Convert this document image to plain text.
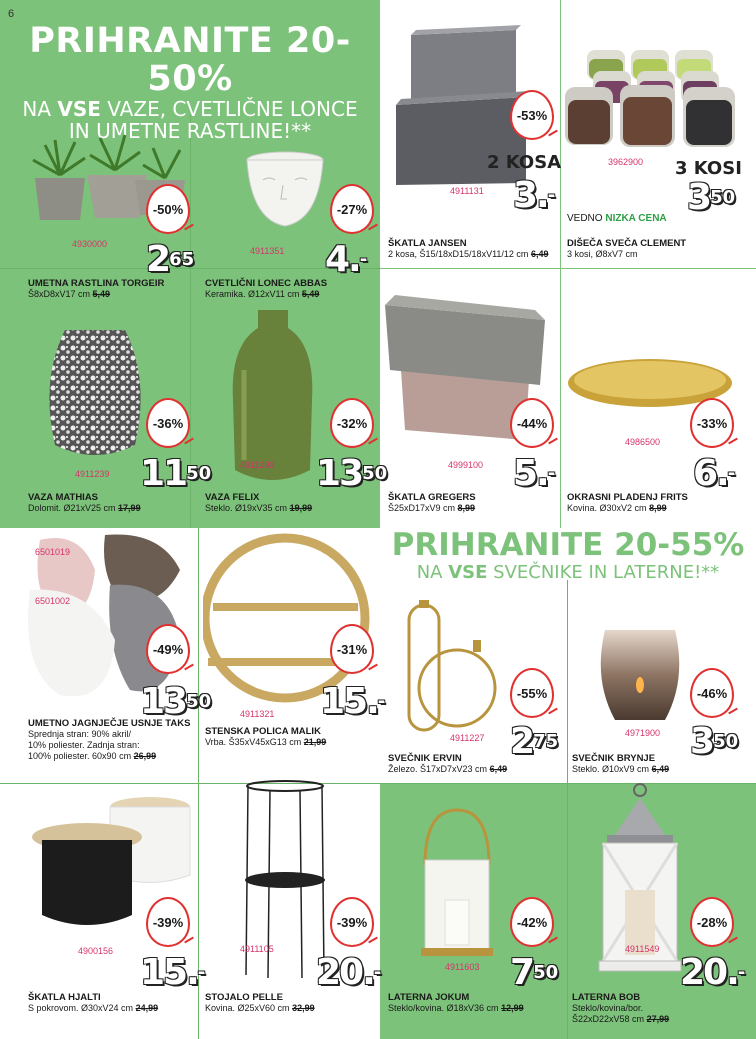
6
PRIHRANITE 20-50%
NA VSE VAZE, CVETLIČNE LONCE
IN UMETNE RASTLINE!**
PRIHRANITE 20-55%
NA VSE SVEČNIKE IN LATERNE!**
-50%
4930000 $2^{65}$
UMETNA RASTLINA TORGEIR
Š8xD8xV17 cm 5,49
-27%
4911351 4.-
CVETLIČNI LONEC ABBAS
Keramika. Ø12xV11 cm 5,49
-53%
2 KOSA
4911131 3.-
ŠKATLA JANSEN
2 kosa, Š15/18xD15/18xV11/12 cm 6,49
3962900 3 KOSI
$3^{50}$
VEDNO NIZKA CENA
DIŠEČA SVEČA CLEMENT
3 kosi, Ø8xV7 cm
-36%
4911239 $11^{50}$
VAZA MATHIAS
Dolomit. Ø21xV25 cm 17,99
-32%
4911293 $13^{50}$
VAZA FELIX
Steklo. Ø19xV35 cm 19,99
-44%
4999100 5.-
ŠKATLA GREGERS
Š25xD17xV9 cm 8,99
-33%
4986500
6.-
OKRASNI PLADENJ FRITS
Kovina. Ø30xV2 cm 8,99
6501019
6501002
-49%
$13^{50}$
UMETNO JAGNJEČJE USNJE TAKS
Sprednja stran: 90% akril/
10% poliester. Zadnja stran:
100% poliester. 60x90 cm 26,99
-31%
4911321 15.-
STENSKA POLICA MALIK
Vrba. Š35xV45xG13 cm 21,99
-55%
4911227 $2^{75}$
SVEČNIK ERVIN
Železo. Š17xD7xV23 cm 6,49
-46%
4971900 $3^{50}$
SVEČNIK BRYNJE
Steklo. Ø10xV9 cm 6,49
-39%
4900156
15.-
ŠKATLA HJALTI
S pokrovom. Ø30xV24 cm 24,99
-39%
4911105
20.-
STOJALO PELLE
Kovina. Ø25xV60 cm 32,99
-42%
4911603 $7^{50}$
LATERNA JOKUM
Steklo/kovina. Ø18xV36 cm 12,99
-28%
4911549
20.-
LATERNA BOB
Steklo/kovina/bor.
Š22xD22xV58 cm 27,99
